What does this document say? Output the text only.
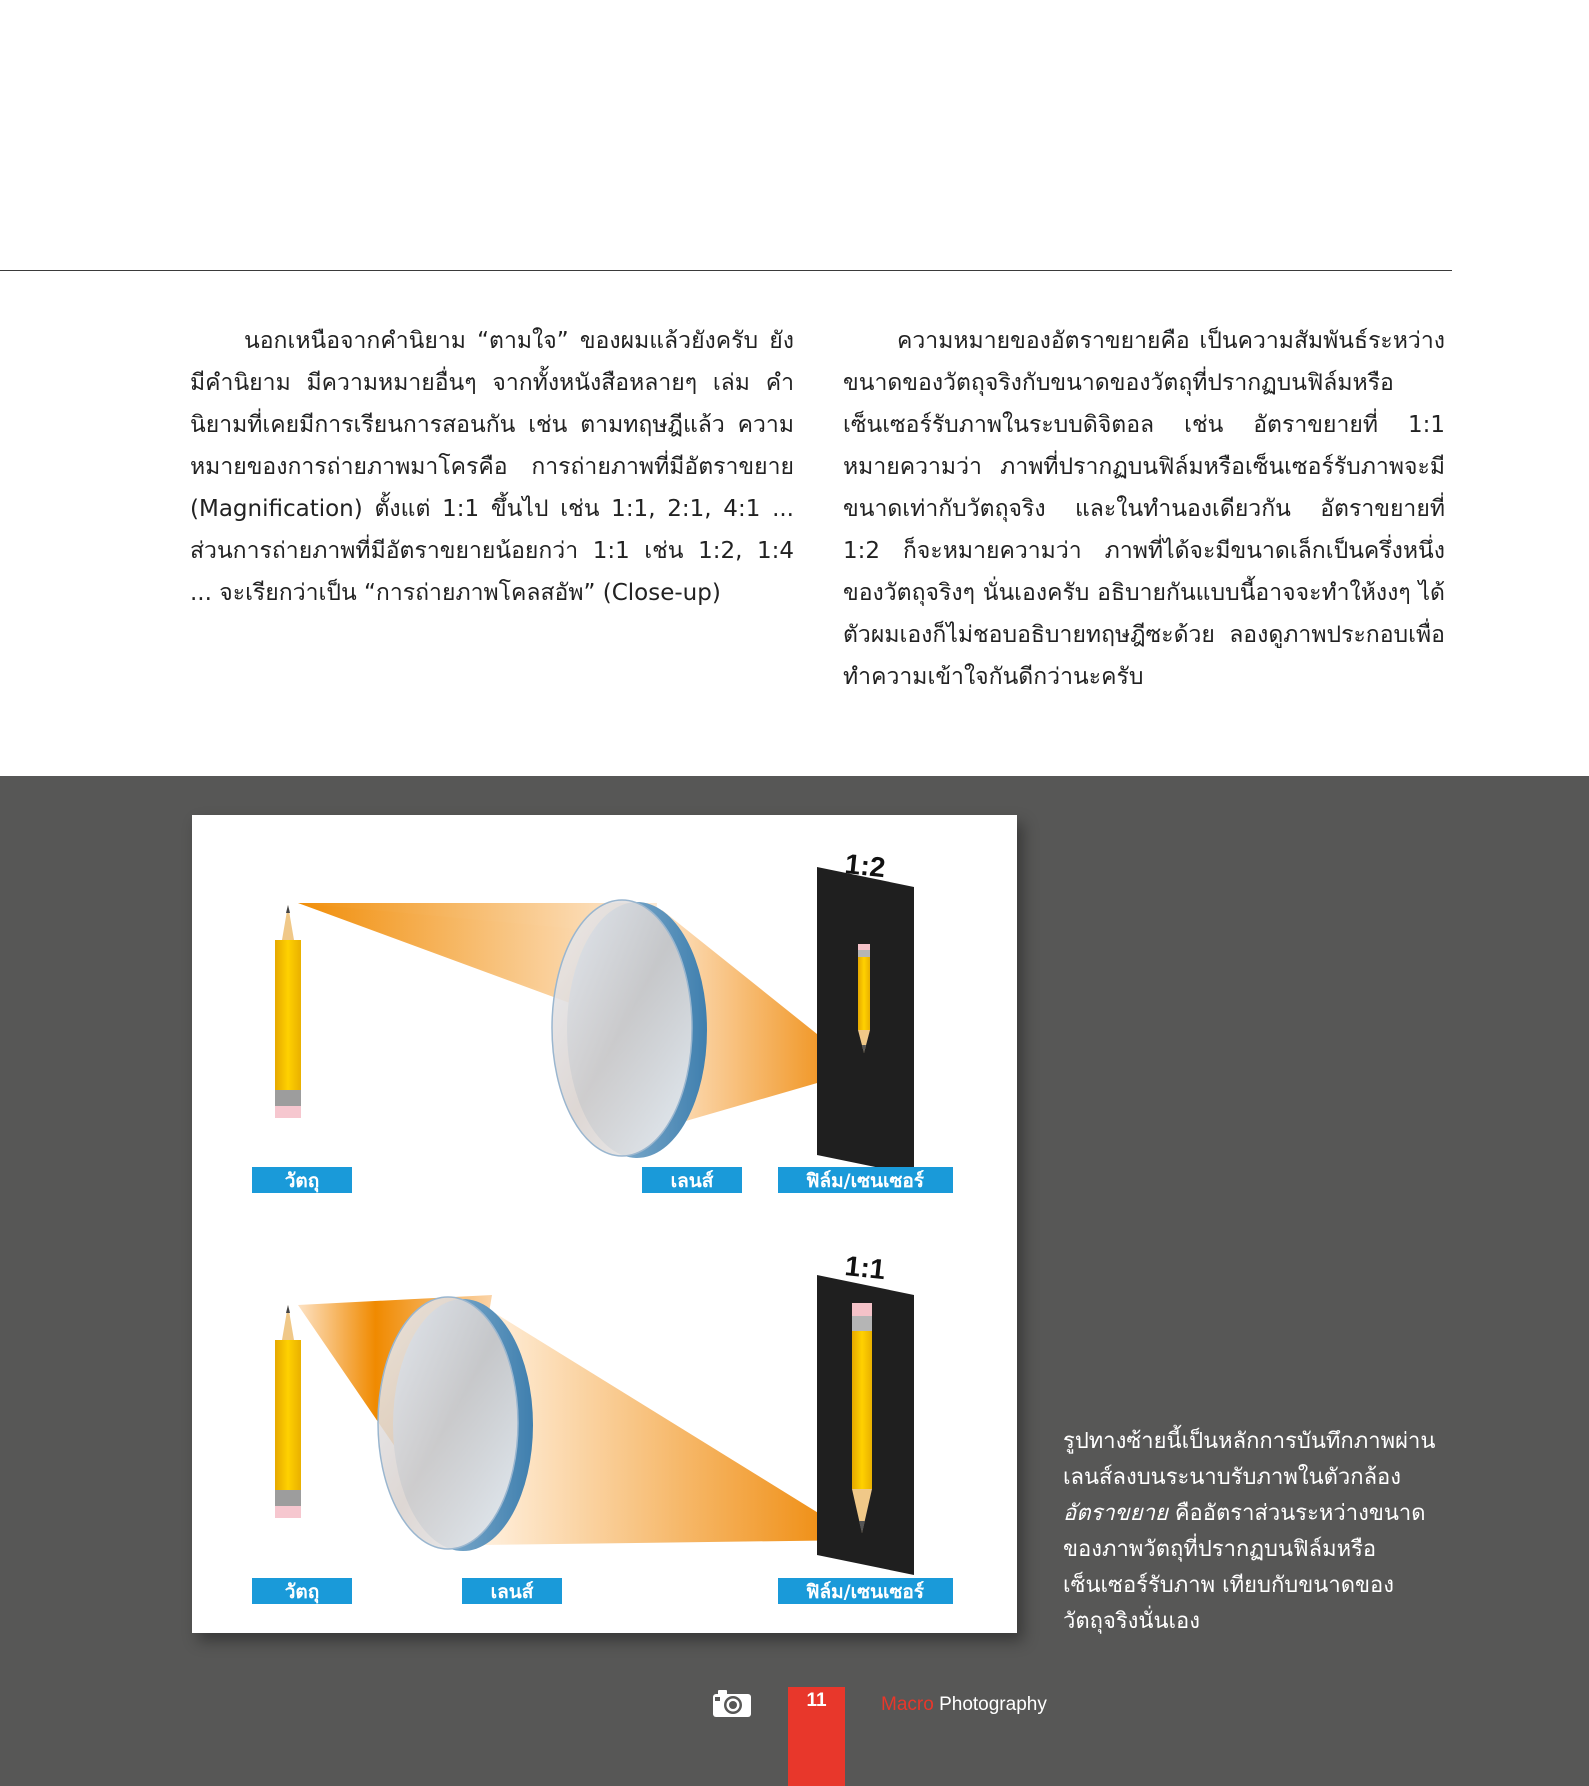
นอกเหนือจากคำนิยาม “ตามใจ” ของผมแล้วยังครับ ยังมีคำนิยาม มีความหมายอื่นๆ จากทั้งหนังสือหลายๆ เล่ม คำนิยามที่เคยมีการเรียนการสอนกัน เช่น ตามทฤษฎีแล้ว ความหมายของการถ่ายภาพมาโครคือ การถ่ายภาพที่มีอัตราขยาย (Magnification) ตั้งแต่ 1:1 ขึ้นไป เช่น 1:1, 2:1, 4:1 ... ส่วนการถ่ายภาพที่มีอัตราขยายน้อยกว่า 1:1 เช่น 1:2, 1:4 ... จะเรียกว่าเป็น “การถ่ายภาพโคลสอัพ” (Close-up)

ความหมายของอัตราขยายคือ เป็นความสัมพันธ์ระหว่างขนาดของวัตถุจริงกับขนาดของวัตถุที่ปรากฏบนฟิล์มหรือเซ็นเซอร์รับภาพในระบบดิจิตอล เช่น อัตราขยายที่ 1:1 หมายความว่า ภาพที่ปรากฏบนฟิล์มหรือเซ็นเซอร์รับภาพจะมีขนาดเท่ากับวัตถุจริง และในทำนองเดียวกัน อัตราขยายที่ 1:2 ก็จะหมายความว่า ภาพที่ได้จะมีขนาดเล็กเป็นครึ่งหนึ่งของวัตถุจริงๆ นั่นเองครับ อธิบายกันแบบนี้อาจจะทำให้งงๆ ได้ตัวผมเองก็ไม่ชอบอธิบายทฤษฎีซะด้วย ลองดูภาพประกอบเพื่อทำความเข้าใจกันดีกว่านะครับ

1:2
วัตถุ	เลนส์	ฟิล์ม/เซนเซอร์
1:1
วัตถุ	เลนส์	ฟิล์ม/เซนเซอร์
รูปทางซ้ายนี้เป็นหลักการบันทึกภาพผ่าน
เลนส์ลงบนระนาบรับภาพในตัวกล้อง
อัตราขยาย คืออัตราส่วนระหว่างขนาด
ของภาพวัตถุที่ปรากฏบนฟิล์มหรือ
เซ็นเซอร์รับภาพ เทียบกับขนาดของ
วัตถุจริงนั่นเอง
11	Macro Photography
